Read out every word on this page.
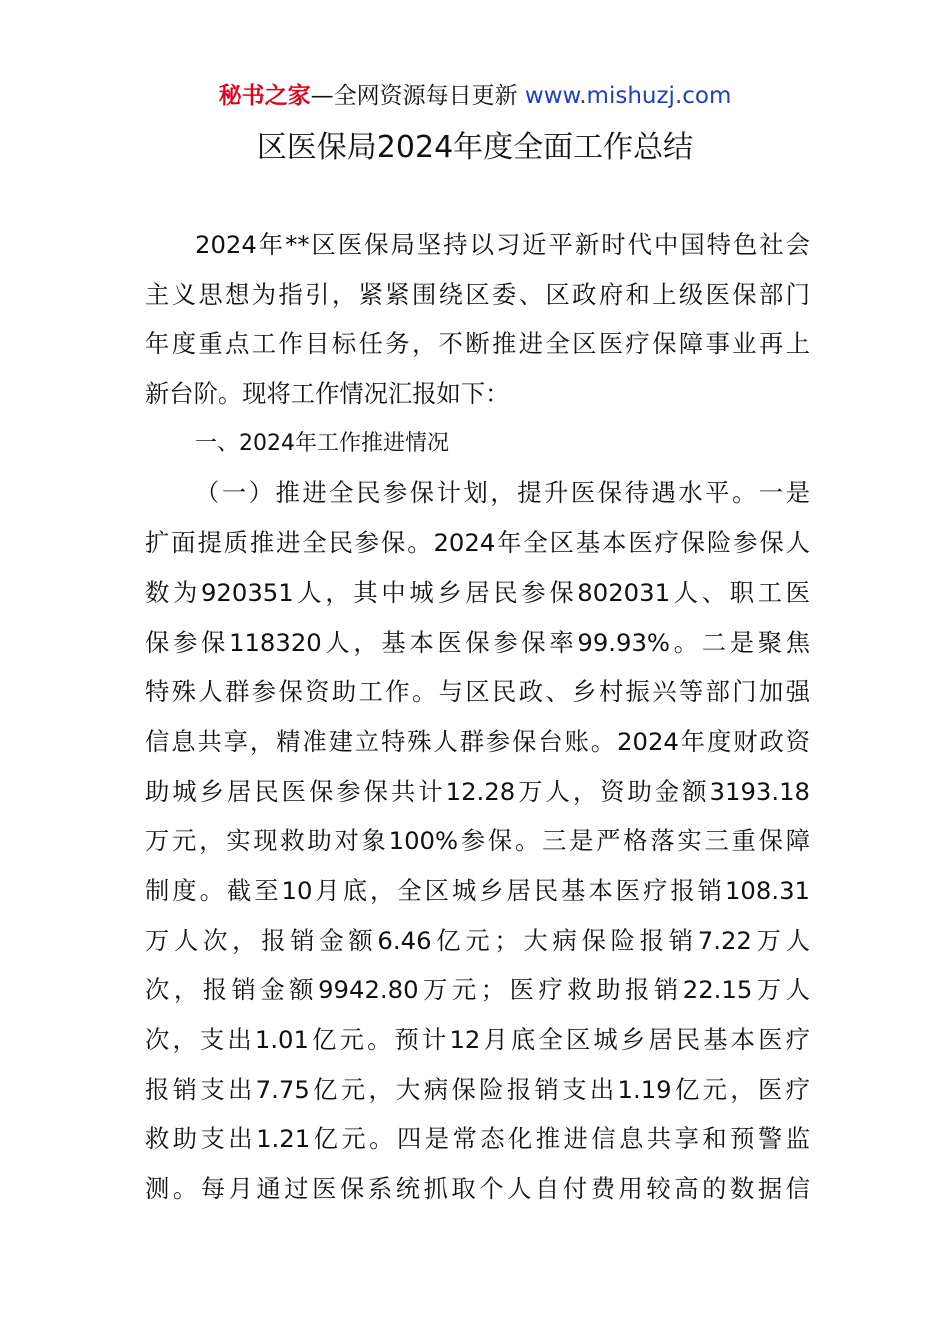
秘书之家—全网资源每日更新 www.mishuzj.com
区医保局2024年度全面工作总结
2024年**区医保局坚持以习近平新时代中国特色社会
主义思想为指引，紧紧围绕区委、区政府和上级医保部门
年度重点工作目标任务，不断推进全区医疗保障事业再上
新台阶。现将工作情况汇报如下：
一、2024年工作推进情况
（一）推进全民参保计划，提升医保待遇水平。一是
扩面提质推进全民参保。2024年全区基本医疗保险参保人
数为920351人，其中城乡居民参保802031人、职工医
保参保118320人，基本医保参保率99.93%。二是聚焦
特殊人群参保资助工作。与区民政、乡村振兴等部门加强
信息共享，精准建立特殊人群参保台账。2024年度财政资
助城乡居民医保参保共计12.28万人，资助金额3193.18
万元，实现救助对象100%参保。三是严格落实三重保障
制度。截至10月底，全区城乡居民基本医疗报销108.31
万人次，报销金额6.46亿元；大病保险报销7.22万人
次，报销金额9942.80万元；医疗救助报销22.15万人
次，支出1.01亿元。预计12月底全区城乡居民基本医疗
报销支出7.75亿元，大病保险报销支出1.19亿元，医疗
救助支出1.21亿元。四是常态化推进信息共享和预警监
测。每月通过医保系统抓取个人自付费用较高的数据信
